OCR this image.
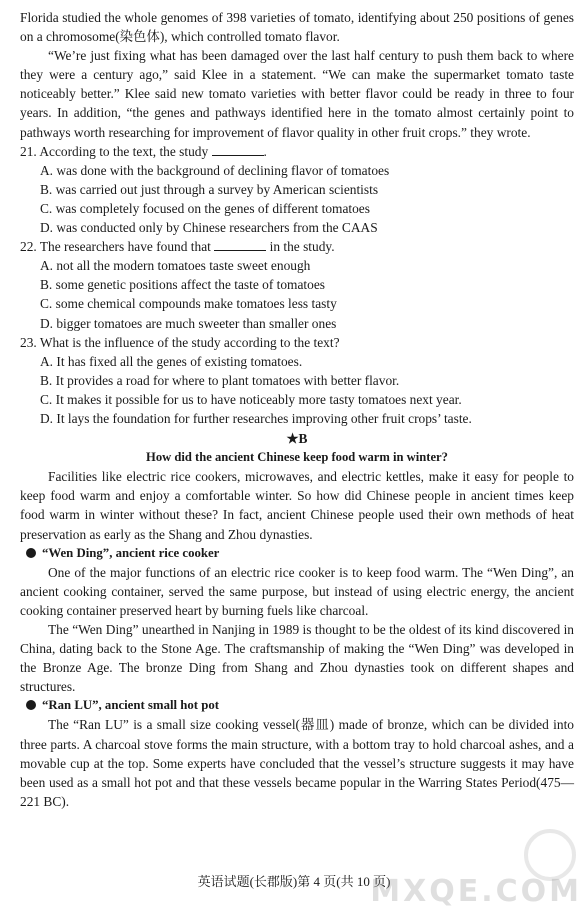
Florida studied the whole genomes of 398 varieties of tomato, identifying about 250 positions of genes on a chromosome(染色体), which controlled tomato flavor.

“We’re just fixing what has been damaged over the last half century to push them back to where they were a century ago,” said Klee in a statement. “We can make the supermarket tomato taste noticeably better.” Klee said new tomato varieties with better flavor could be ready in three to four years. In addition, “the genes and pathways identified here in the tomato almost certainly point to pathways worth researching for improvement of flavor quality in other fruit crops.” they wrote.

21. According to the text, the study	.

A. was done with the background of declining flavor of tomatoes

B. was carried out just through a survey by American scientists

C. was completely focused on the genes of different tomatoes

D. was conducted only by Chinese researchers from the CAAS

22. The researchers have found that	in the study.

A. not all the modern tomatoes taste sweet enough

B. some genetic positions affect the taste of tomatoes

C. some chemical compounds make tomatoes less tasty

D. bigger tomatoes are much sweeter than smaller ones

23. What is the influence of the study according to the text?

A. It has fixed all the genes of existing tomatoes.

B. It provides a road for where to plant tomatoes with better flavor.

C. It makes it possible for us to have noticeably more tasty tomatoes next year.

D. It lays the foundation for further researches improving other fruit crops’ taste.

★B
How did the ancient Chinese keep food warm in winter?

Facilities like electric rice cookers, microwaves, and electric kettles, make it easy for people to keep food warm and enjoy a comfortable winter. So how did Chinese people in ancient times keep food warm in winter without these? In fact, ancient Chinese people used their own methods of heat preservation as early as the Shang and Zhou dynasties.

“Wen Ding”, ancient rice cooker

One of the major functions of an electric rice cooker is to keep food warm. The “Wen Ding”, an ancient cooking container, served the same purpose, but instead of using electric energy, the ancient cooking container preserved heart by burning fuels like charcoal.

The “Wen Ding” unearthed in Nanjing in 1989 is thought to be the oldest of its kind discovered in China, dating back to the Stone Age. The craftsmanship of making the “Wen Ding” was developed in the Bronze Age. The bronze Ding from Shang and Zhou dynasties took on different shapes and structures.

“Ran LU”, ancient small hot pot

The “Ran LU” is a small size cooking vessel(器皿) made of bronze, which can be divided into three parts. A charcoal stove forms the main structure, with a bottom tray to hold charcoal ashes, and a movable cup at the top. Some experts have concluded that the vessel’s structure suggests it may have been used as a small hot pot and that these vessels became popular in the Warring States Period(475—221 BC).

英语试题(长郡版)第 4 页(共 10 页)
MXQE.COM
